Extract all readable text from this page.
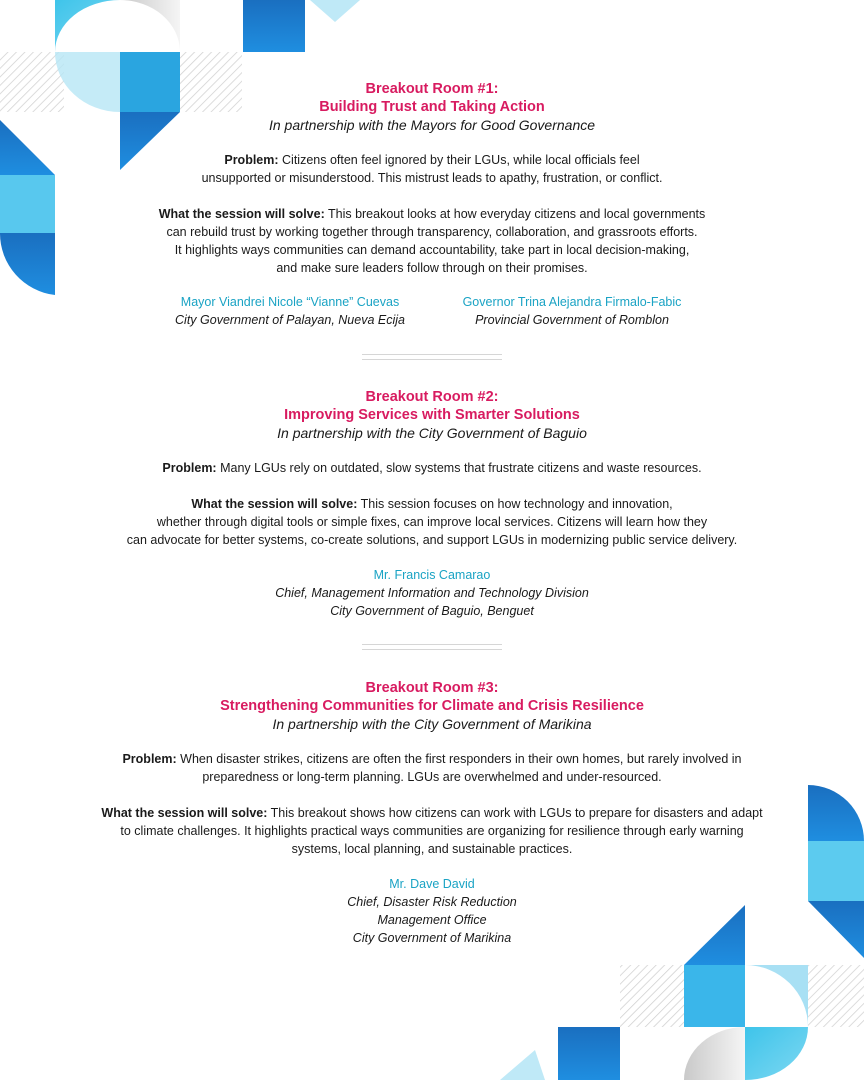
Breakout Room #1:
Building Trust and Taking Action
In partnership with the Mayors for Good Governance
Problem: Citizens often feel ignored by their LGUs, while local officials feel
unsupported or misunderstood. This mistrust leads to apathy, frustration, or conflict.
What the session will solve: This breakout looks at how everyday citizens and local governments
can rebuild trust by working together through transparency, collaboration, and grassroots efforts.
It highlights ways communities can demand accountability, take part in local decision-making,
and make sure leaders follow through on their promises.
Mayor Viandrei Nicole “Vianne” Cuevas
City Government of Palayan, Nueva Ecija
Governor Trina Alejandra Firmalo-Fabic
Provincial Government of Romblon
Breakout Room #2:
Improving Services with Smarter Solutions
In partnership with the City Government of Baguio
Problem: Many LGUs rely on outdated, slow systems that frustrate citizens and waste resources.
What the session will solve: This session focuses on how technology and innovation,
whether through digital tools or simple fixes, can improve local services. Citizens will learn how they
can advocate for better systems, co-create solutions, and support LGUs in modernizing public service delivery.
Mr. Francis Camarao
Chief, Management Information and Technology Division
City Government of Baguio, Benguet
Breakout Room #3:
Strengthening Communities for Climate and Crisis Resilience
In partnership with the City Government of Marikina
Problem: When disaster strikes, citizens are often the first responders in their own homes, but rarely involved in
preparedness or long-term planning. LGUs are overwhelmed and under-resourced.
What the session will solve: This breakout shows how citizens can work with LGUs to prepare for disasters and adapt
to climate challenges. It highlights practical ways communities are organizing for resilience through early warning
systems, local planning, and sustainable practices.
Mr. Dave David
Chief, Disaster Risk Reduction
Management Office
City Government of Marikina
